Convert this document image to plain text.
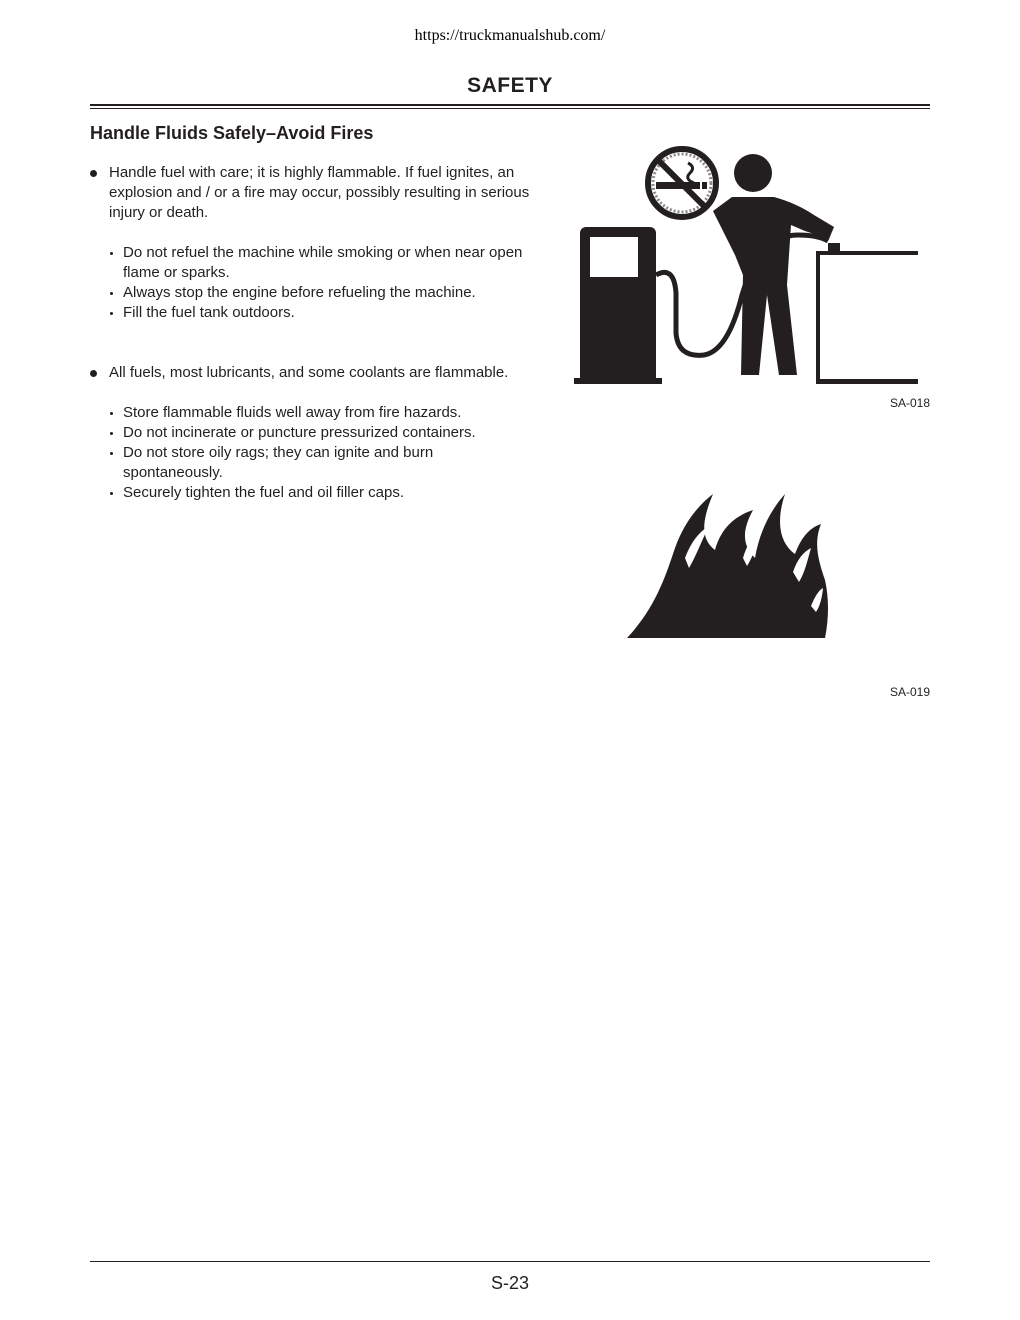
https://truckmanualshub.com/
SAFETY
Handle Fluids Safely–Avoid Fires
Handle fuel with care; it is highly flammable. If fuel ignites, an explosion and / or a fire may occur, possibly resulting in serious injury or death.
Do not refuel the machine while smoking or when near open flame or sparks.
Always stop the engine before refueling the machine.
Fill the fuel tank outdoors.
All fuels, most lubricants, and some coolants are flammable.
Store flammable fluids well away from fire hazards.
Do not incinerate or puncture pressurized containers.
Do not store oily rags; they can ignite and burn spontaneously.
Securely tighten the fuel and oil filler caps.
SA-018
SA-019
S-23
